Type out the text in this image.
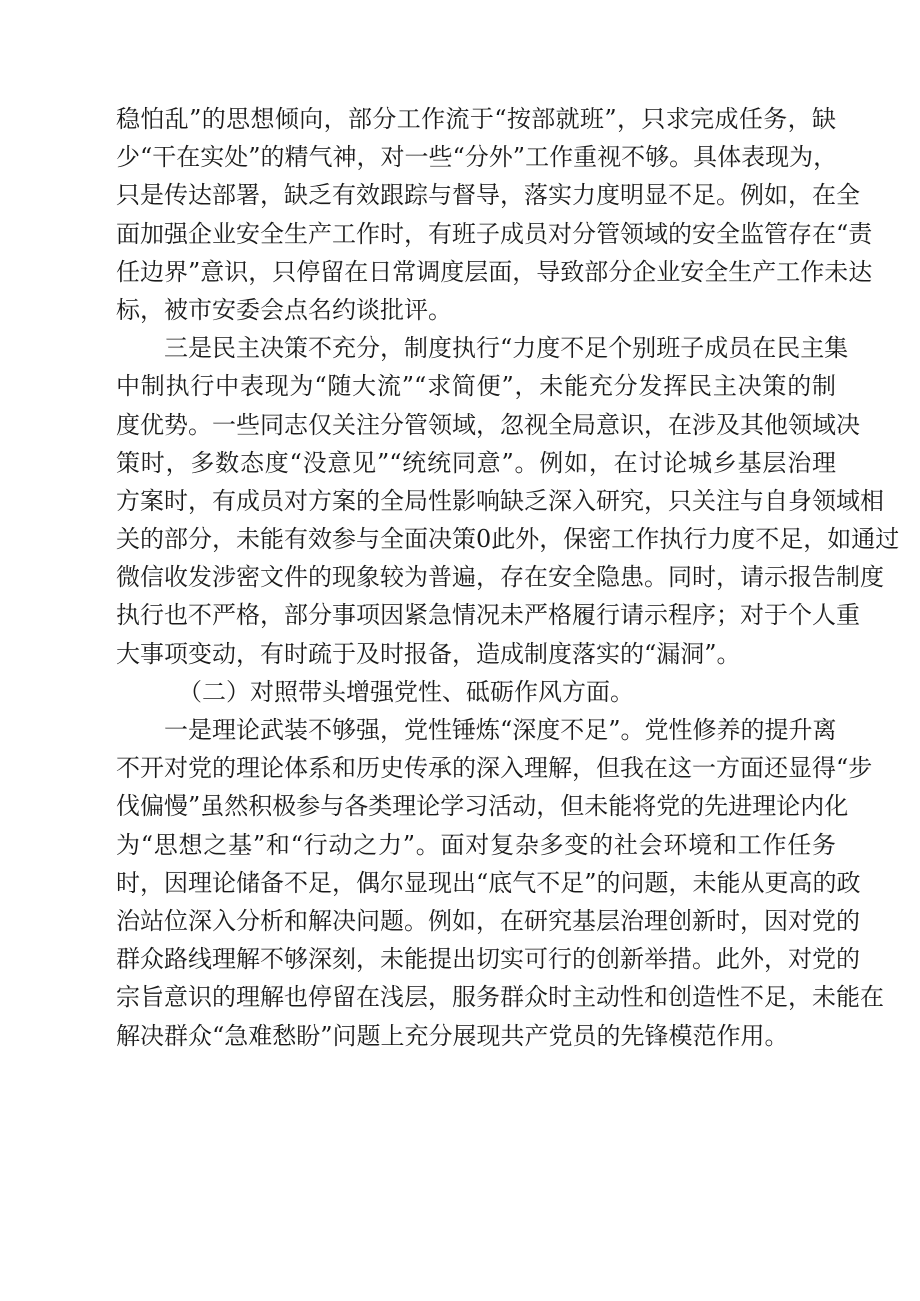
稳怕乱”的思想倾向，部分工作流于“按部就班”，只求完成任务，缺
少“干在实处”的精气神，对一些“分外”工作重视不够。具体表现为，
只是传达部署，缺乏有效跟踪与督导，落实力度明显不足。例如，在全
面加强企业安全生产工作时，有班子成员对分管领域的安全监管存在“责
任边界”意识，只停留在日常调度层面，导致部分企业安全生产工作未达
标，被市安委会点名约谈批评。
三是民主决策不充分，制度执行“力度不足个别班子成员在民主集
中制执行中表现为“随大流”“求简便”，未能充分发挥民主决策的制
度优势。一些同志仅关注分管领域，忽视全局意识，在涉及其他领域决
策时，多数态度“没意见”“统统同意”。例如，在讨论城乡基层治理
方案时，有成员对方案的全局性影响缺乏深入研究，只关注与自身领域相
关的部分，未能有效参与全面决策0此外，保密工作执行力度不足，如通过
微信收发涉密文件的现象较为普遍，存在安全隐患。同时，请示报告制度
执行也不严格，部分事项因紧急情况未严格履行请示程序；对于个人重
大事项变动，有时疏于及时报备，造成制度落实的“漏洞”。
（二）对照带头增强党性、砥砺作风方面。
一是理论武装不够强，党性锤炼“深度不足”。党性修养的提升离
不开对党的理论体系和历史传承的深入理解，但我在这一方面还显得“步
伐偏慢”虽然积极参与各类理论学习活动，但未能将党的先进理论内化
为“思想之基”和“行动之力”。面对复杂多变的社会环境和工作任务
时，因理论储备不足，偶尔显现出“底气不足”的问题，未能从更高的政
治站位深入分析和解决问题。例如，在研究基层治理创新时，因对党的
群众路线理解不够深刻，未能提出切实可行的创新举措。此外，对党的
宗旨意识的理解也停留在浅层，服务群众时主动性和创造性不足，未能在
解决群众“急难愁盼”问题上充分展现共产党员的先锋模范作用。
